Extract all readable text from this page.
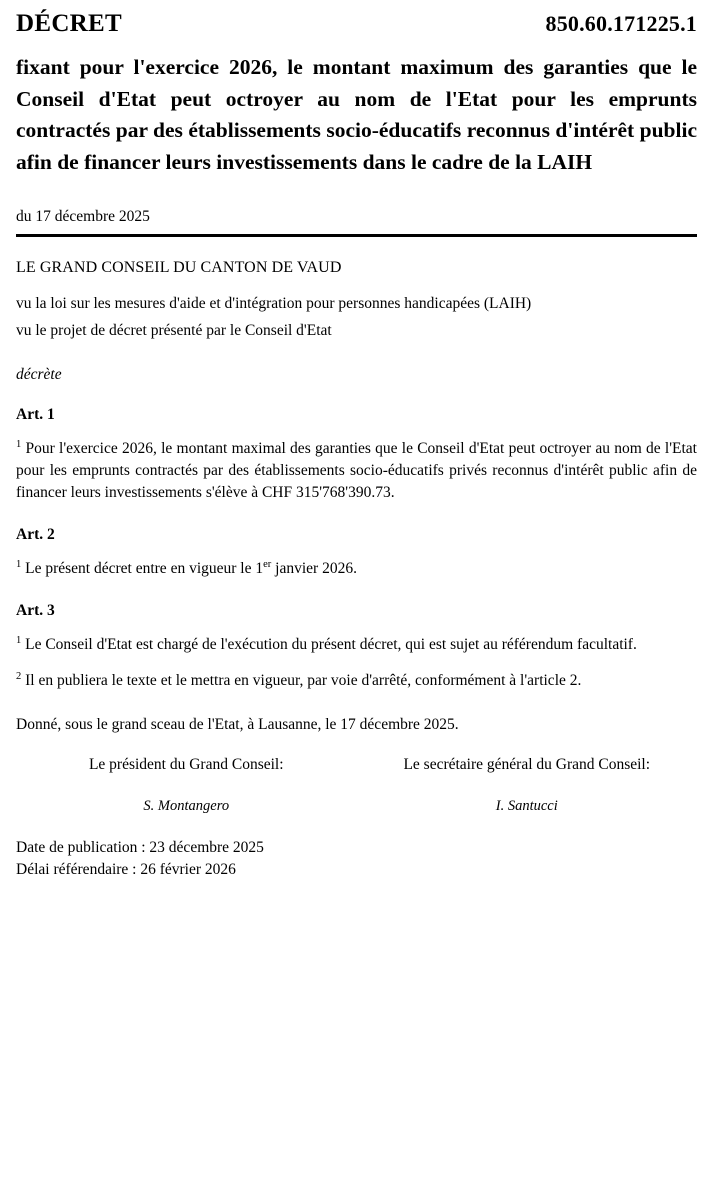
DÉCRET	850.60.171225.1
fixant pour l'exercice 2026, le montant maximum des garanties que le Conseil d'Etat peut octroyer au nom de l'Etat pour les emprunts contractés par des établissements socio-éducatifs reconnus d'intérêt public afin de financer leurs investissements dans le cadre de la LAIH
du 17 décembre 2025
LE GRAND CONSEIL DU CANTON DE VAUD
vu la loi sur les mesures d'aide et d'intégration pour personnes handicapées (LAIH)
vu le projet de décret présenté par le Conseil d'Etat
décrète
Art. 1
$^1$ Pour l'exercice 2026, le montant maximal des garanties que le Conseil d'Etat peut octroyer au nom de l'Etat pour les emprunts contractés par des établissements socio-éducatifs privés reconnus d'intérêt public afin de financer leurs investissements s'élève à CHF 315'768'390.73.
Art. 2
$^1$ Le présent décret entre en vigueur le 1er janvier 2026.
Art. 3
$^1$ Le Conseil d'Etat est chargé de l'exécution du présent décret, qui est sujet au référendum facultatif.
$^2$ Il en publiera le texte et le mettra en vigueur, par voie d'arrêté, conformément à l'article 2.
Donné, sous le grand sceau de l'Etat, à Lausanne, le 17 décembre 2025.
Le président du Grand Conseil:	Le secrétaire général du Grand Conseil:
S. Montangero	I. Santucci
Date de publication : 23 décembre 2025
Délai référendaire : 26 février 2026
